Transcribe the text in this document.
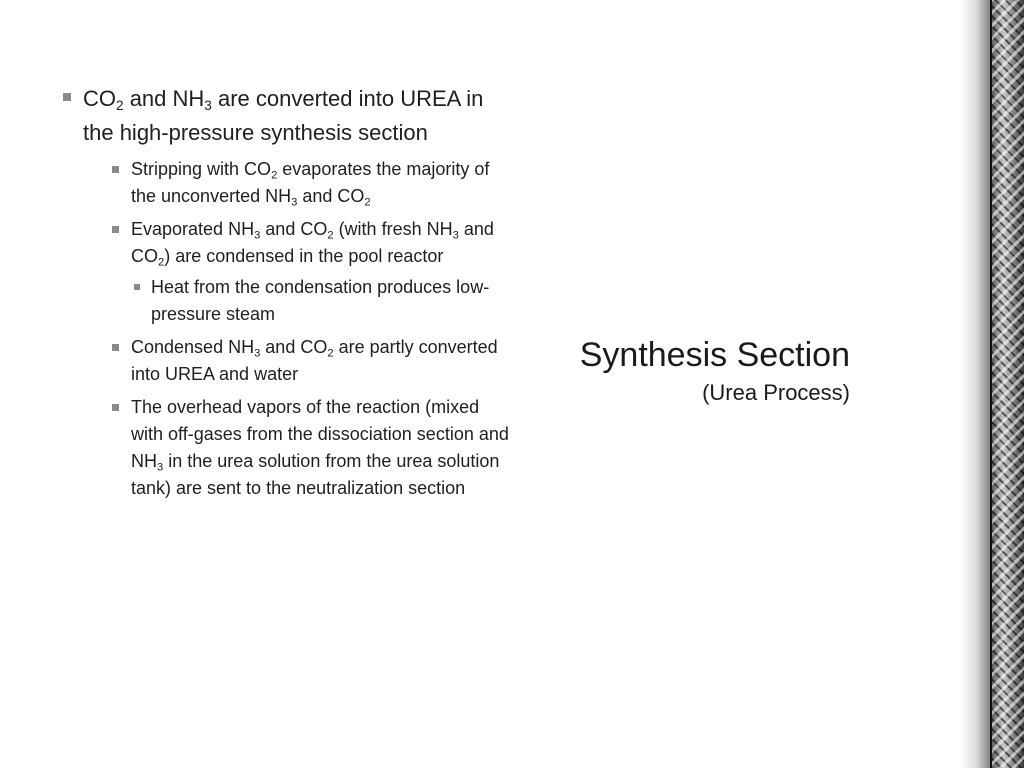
$CO_2$ and $NH_3$ are converted into UREA in the high-pressure synthesis section
Stripping with $CO_2$ evaporates the majority of the unconverted $NH_3$ and $CO_2$
Evaporated $NH_3$ and $CO_2$ (with fresh $NH_3$ and $CO_2$) are condensed in the pool reactor
Heat from the condensation produces low-pressure steam
Condensed $NH_3$ and $CO_2$ are partly converted into UREA and water
The overhead vapors of the reaction (mixed with off-gases from the dissociation section and $NH_3$ in the urea solution from the urea solution tank) are sent to the neutralization section
Synthesis Section
(Urea Process)
